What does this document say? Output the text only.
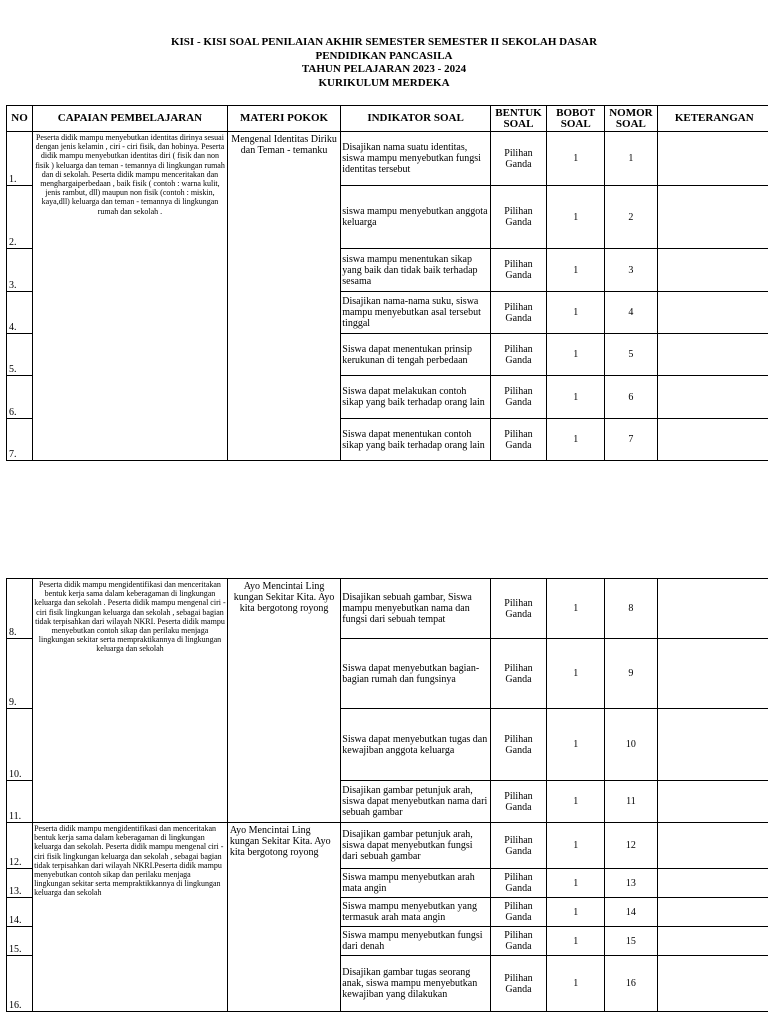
KISI - KISI SOAL PENILAIAN AKHIR SEMESTER SEMESTER II SEKOLAH DASAR
PENDIDIKAN PANCASILA
TAHUN PELAJARAN 2023 - 2024
KURIKULUM MERDEKA
NO	CAPAIAN PEMBELAJARAN	MATERI POKOK	INDIKATOR SOAL	BENTUK SOAL	BOBOT SOAL	NOMOR SOAL	KETERANGAN
1.	Peserta didik mampu menyebutkan identitas dirinya sesuai dengan jenis kelamin , ciri - ciri fisik, dan hobinya. Peserta didik mampu menyebutkan identitas diri ( fisik dan non fisik ) keluarga dan teman - temannya di lingkungan rumah dan di sekolah. Peserta didik mampu menceritakan dan menghargaiperbedaan , baik fisik ( contoh : warna kulit, jenis rambut, dll) maupun non fisik (contoh : miskin, kaya,dll) keluarga dan teman - temannya di lingkungan rumah dan sekolah .	Mengenal Identitas Diriku dan Teman - temanku	Disajikan nama suatu identitas, siswa mampu menyebutkan fungsi identitas tersebut	Pilihan Ganda	1	1	
2.			siswa mampu menyebutkan anggota keluarga	Pilihan Ganda	1	2	
3.			siswa mampu menentukan sikap yang baik dan tidak baik terhadap sesama	Pilihan Ganda	1	3	
4.			Disajikan nama-nama suku, siswa mampu menyebutkan asal tersebut tinggal	Pilihan Ganda	1	4	
5.			Siswa dapat menentukan prinsip kerukunan di tengah perbedaan	Pilihan Ganda	1	5	
6.			Siswa dapat melakukan contoh sikap yang baik terhadap orang lain	Pilihan Ganda	1	6	
7.			Siswa dapat menentukan contoh sikap yang baik terhadap orang lain	Pilihan Ganda	1	7	
8.	Peserta didik mampu mengidentifikasi dan menceritakan bentuk kerja sama dalam keberagaman di lingkungan keluarga dan sekolah . Peserta didik mampu mengenal ciri - ciri fisik lingkungan keluarga dan sekolah , sebagai bagian tidak terpisahkan dari wilayah NKRI. Peserta didik mampu menyebutkan contoh sikap dan perilaku menjaga lingkungan sekitar serta mempraktikannya di lingkungan keluarga dan sekolah	Ayo Mencintai Ling kungan Sekitar Kita. Ayo kita bergotong royong	Disajikan sebuah gambar, Siswa mampu menyebutkan nama dan fungsi dari sebuah tempat	Pilihan Ganda	1	8	
9.			Siswa dapat menyebutkan bagian- bagian rumah dan fungsinya	Pilihan Ganda	1	9	
10.			Siswa dapat menyebutkan tugas dan kewajiban anggota keluarga	Pilihan Ganda	1	10	
11.			Disajikan gambar petunjuk arah, siswa dapat menyebutkan nama dari sebuah gambar	Pilihan Ganda	1	11	
12.	Peserta didik mampu mengidentifikasi dan menceritakan bentuk kerja sama dalam keberagaman di lingkungan keluarga dan sekolah. Peserta didik mampu mengenal ciri - ciri fisik lingkungan keluarga dan sekolah , sebagai bagian tidak terpisahkan dari wilayah NKRI.Peserta didik mampu menyebutkan contoh sikap dan perilaku menjaga lingkungan sekitar serta mempraktikkannya di lingkungan keluarga dan sekolah	Ayo Mencintai Ling kungan Sekitar Kita. Ayo kita bergotong royong	Disajikan gambar petunjuk arah, siswa dapat menyebutkan fungsi dari sebuah gambar	Pilihan Ganda	1	12	
13.			Siswa mampu menyebutkan arah mata angin	Pilihan Ganda	1	13	
14.			Siswa mampu menyebutkan yang termasuk arah mata angin	Pilihan Ganda	1	14	
15.			Siswa mampu menyebutkan fungsi dari denah	Pilihan Ganda	1	15	
16.			Disajikan gambar tugas seorang anak, siswa mampu menyebutkan kewajiban yang dilakukan	Pilihan Ganda	1	16	
